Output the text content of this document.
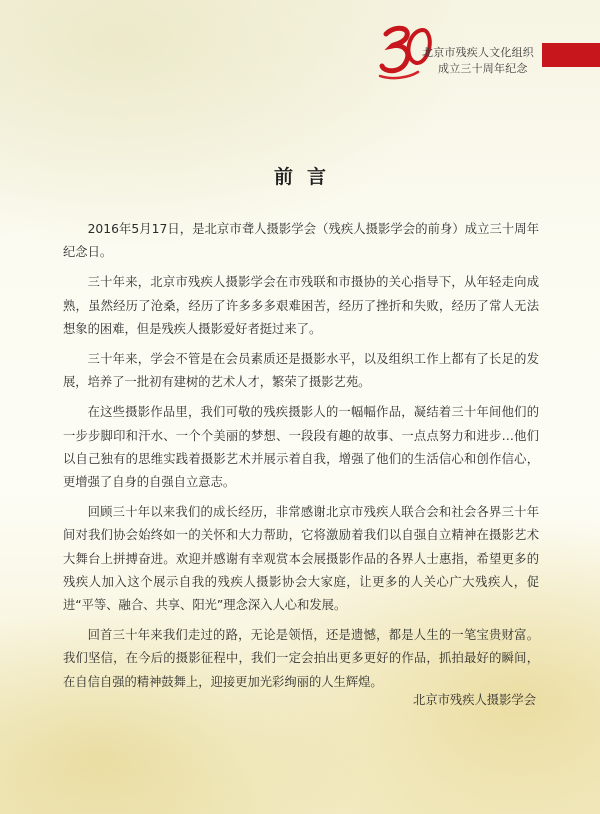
北京市残疾人文化组织
成立三十周年纪念
前言

2016年5月17日，是北京市聋人摄影学会（残疾人摄影学会的前身）成立三十周年纪念日。

三十年来，北京市残疾人摄影学会在市残联和市摄协的关心指导下，从年轻走向成熟，虽然经历了沧桑，经历了许多多多艰难困苦，经历了挫折和失败，经历了常人无法想象的困难，但是残疾人摄影爱好者挺过来了。

三十年来，学会不管是在会员素质还是摄影水平，以及组织工作上都有了长足的发展，培养了一批初有建树的艺术人才，繁荣了摄影艺苑。

在这些摄影作品里，我们可敬的残疾摄影人的一幅幅作品，凝结着三十年间他们的一步步脚印和汗水、一个个美丽的梦想、一段段有趣的故事、一点点努力和进步…他们以自己独有的思维实践着摄影艺术并展示着自我，增强了他们的生活信心和创作信心，更增强了自身的自强自立意志。

回顾三十年以来我们的成长经历，非常感谢北京市残疾人联合会和社会各界三十年间对我们协会始终如一的关怀和大力帮助，它将激励着我们以自强自立精神在摄影艺术大舞台上拼搏奋进。欢迎并感谢有幸观赏本会展摄影作品的各界人士惠指，希望更多的残疾人加入这个展示自我的残疾人摄影协会大家庭，让更多的人关心广大残疾人，促进“平等、融合、共享、阳光”理念深入人心和发展。

回首三十年来我们走过的路，无论是领悟，还是遗憾，都是人生的一笔宝贵财富。我们坚信，在今后的摄影征程中，我们一定会拍出更多更好的作品，抓拍最好的瞬间，在自信自强的精神鼓舞上，迎接更加光彩绚丽的人生辉煌。

北京市残疾人摄影学会
